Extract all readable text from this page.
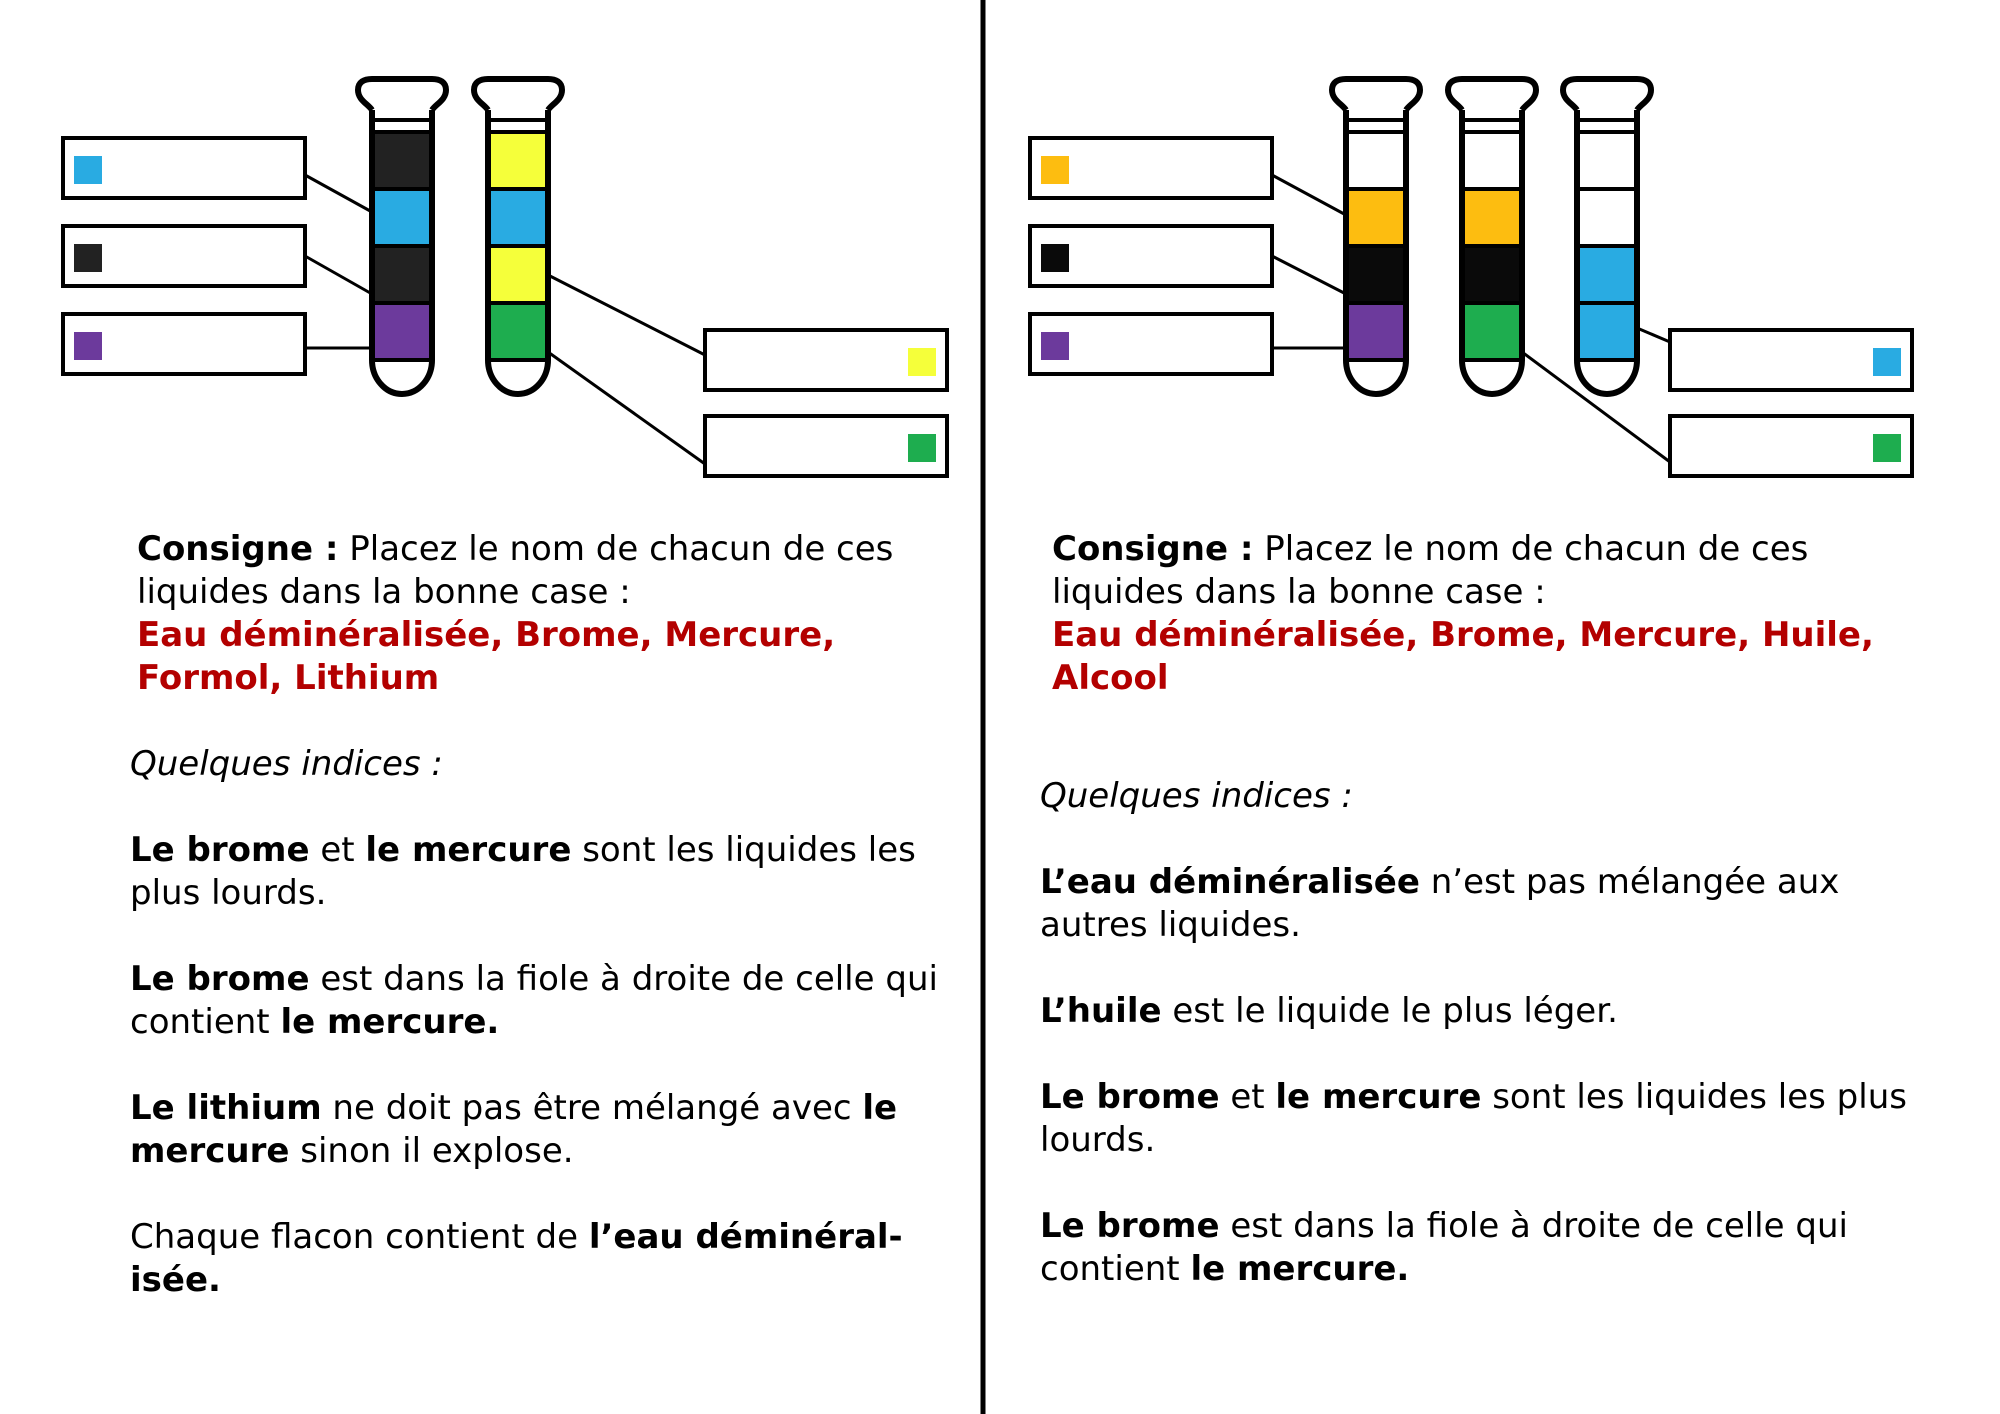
Consigne : Placez le nom de chacun de ces liquides dans la bonne case :

Eau déminéralisée, Brome, Mercure,

Formol, Lithium

Quelques indices :

Le brome et le mercure sont les liquides les plus lourds.

Le brome est dans la fiole à droite de celle qui contient le mercure.

Le lithium ne doit pas être mélangé avec le mercure sinon il explose.

Chaque flacon contient de l’eau déminéral-
isée.

Consigne : Placez le nom de chacun de ces liquides dans la bonne case :

Eau déminéralisée, Brome, Mercure, Huile,

Alcool

Quelques indices :

L’eau déminéralisée n’est pas mélangée aux autres liquides.

L’huile est le liquide le plus léger.

Le brome et le mercure sont les liquides les plus lourds.

Le brome est dans la fiole à droite de celle qui contient le mercure.
